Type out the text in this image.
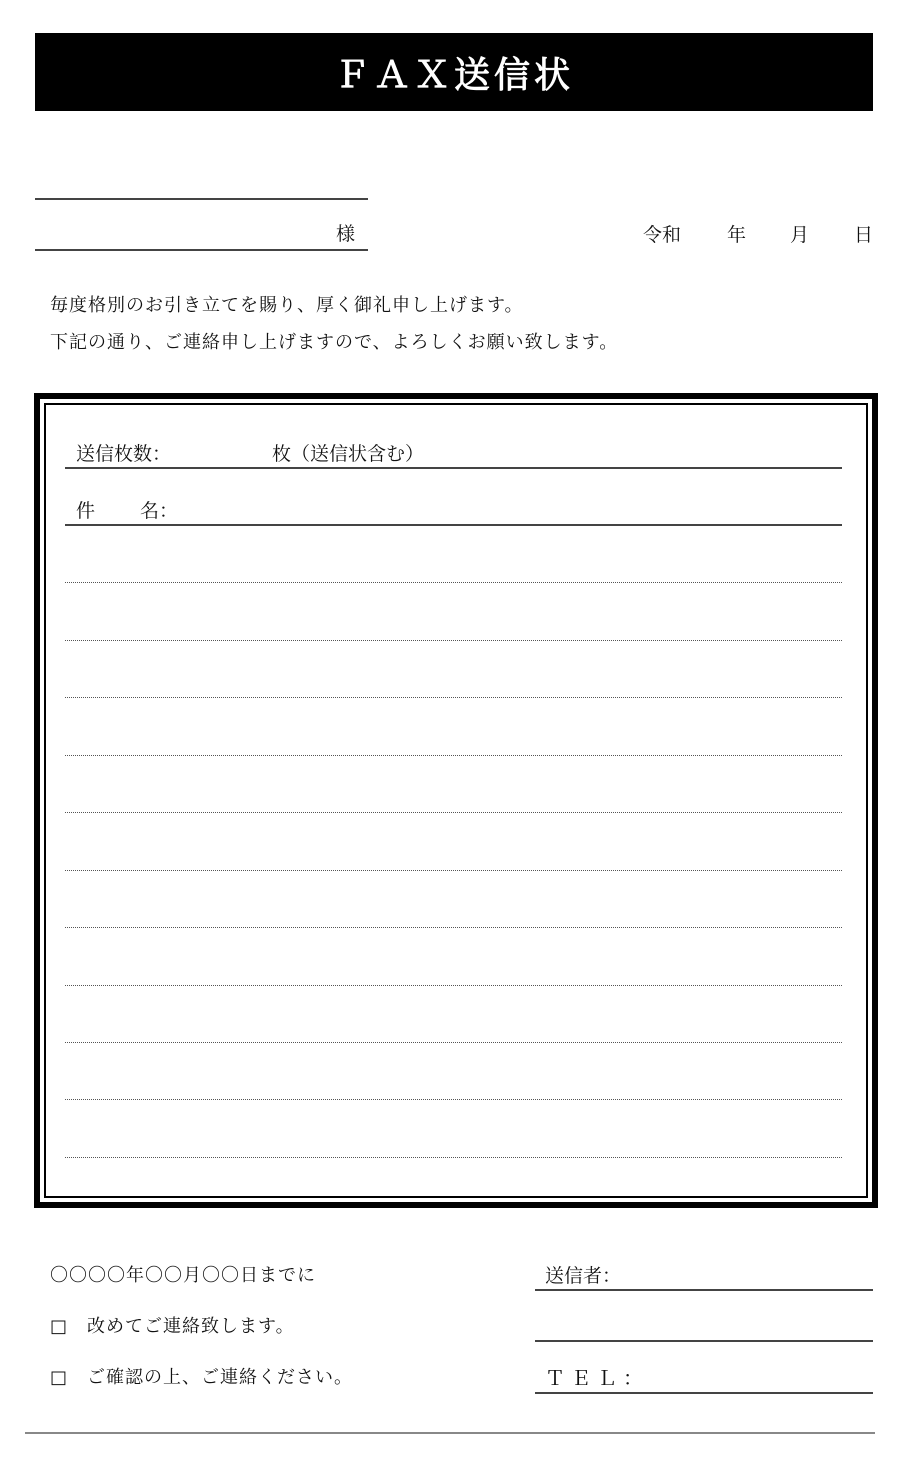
ＦＡＸ送信状
様	令和 年 月 日
毎度格別のお引き立てを賜り、厚く御礼申し上げます。
下記の通り、ご連絡申し上げますので、よろしくお願い致します。
送信枚数：	枚（送信状含む）
件 名：
〇〇〇〇年〇〇月〇〇日までに
□　改めてご連絡致します。
□　ご確認の上、ご連絡ください。
送信者：
ＴＥＬ：
